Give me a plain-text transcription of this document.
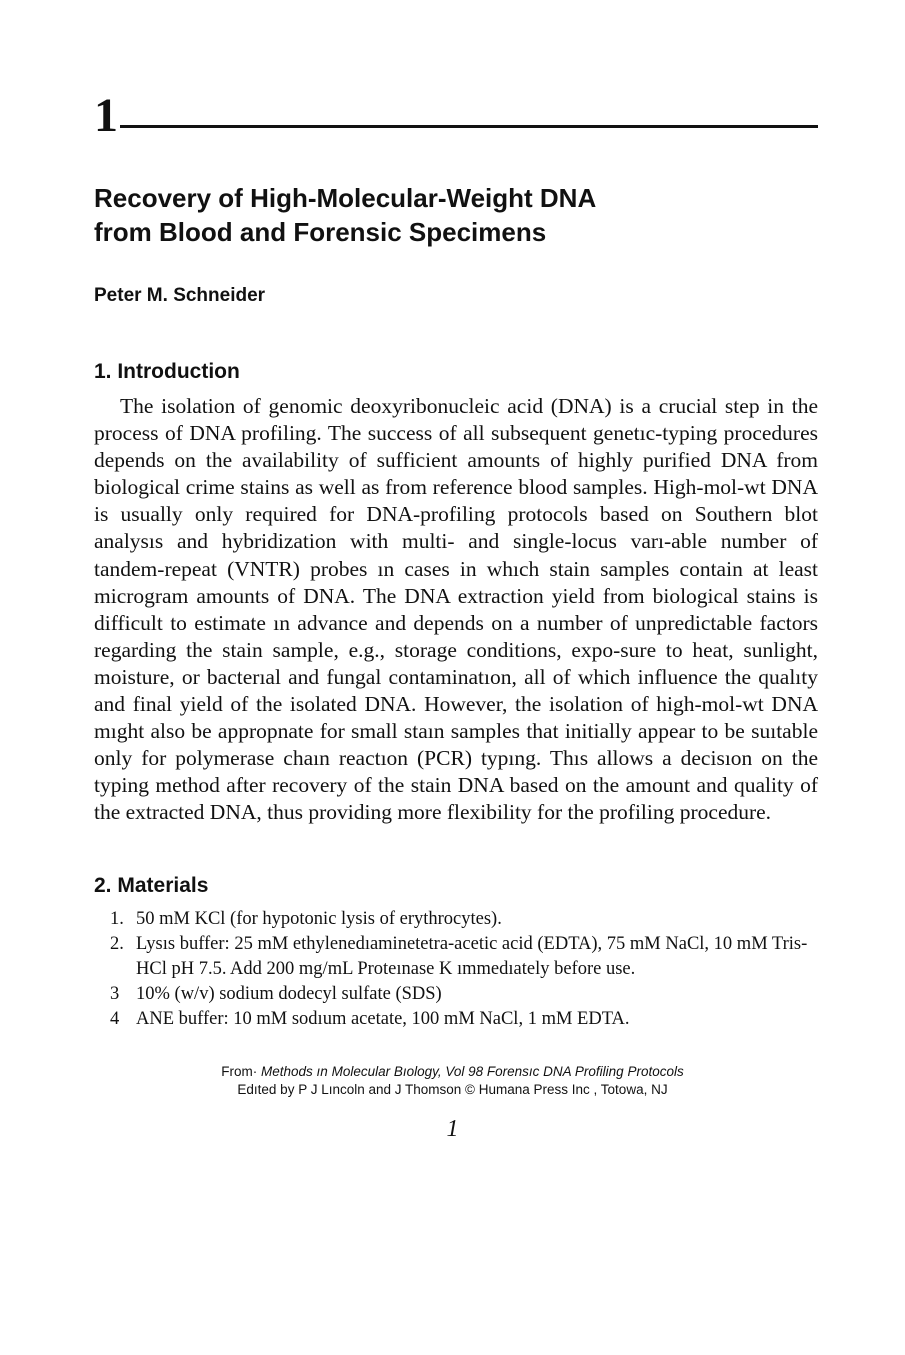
1
Recovery of High-Molecular-Weight DNA
from Blood and Forensic Specimens
Peter M. Schneider
1. Introduction

The isolation of genomic deoxyribonucleic acid (DNA) is a crucial step in the process of DNA profiling. The success of all subsequent genetıc-typing procedures depends on the availability of sufficient amounts of highly purified DNA from biological crime stains as well as from reference blood samples. High-mol-wt DNA is usually only required for DNA-profiling protocols based on Southern blot analysıs and hybridization with multi- and single-locus varı-able number of tandem-repeat (VNTR) probes ın cases in whıch stain samples contain at least microgram amounts of DNA. The DNA extraction yield from biological stains is difficult to estimate ın advance and depends on a number of unpredictable factors regarding the stain sample, e.g., storage conditions, expo-sure to heat, sunlight, moisture, or bacterıal and fungal contaminatıon, all of which influence the qualıty and final yield of the isolated DNA. However, the isolation of high-mol-wt DNA mıght also be appropnate for small staın samples that initially appear to be suıtable only for polymerase chaın reactıon (PCR) typıng. Thıs allows a decisıon on the typing method after recovery of the stain DNA based on the amount and quality of the extracted DNA, thus providing more flexibility for the profiling procedure.

2. Materials
1. 50 mM KCl (for hypotonic lysis of erythrocytes).
2. Lysıs buffer: 25 mM ethylenedıaminetetra-acetic acid (EDTA), 75 mM NaCl, 10 mM Tris-HCl pH 7.5. Add 200 mg/mL Proteınase K ımmedıately before use.
3 10% (w/v) sodium dodecyl sulfate (SDS)
4 ANE buffer: 10 mM sodıum acetate, 100 mM NaCl, 1 mM EDTA.
From· Methods ın Molecular Bıology, Vol 98 Forensıc DNA Profiling Protocols
Edıted by P J Lıncoln and J Thomson © Humana Press Inc , Totowa, NJ
1
